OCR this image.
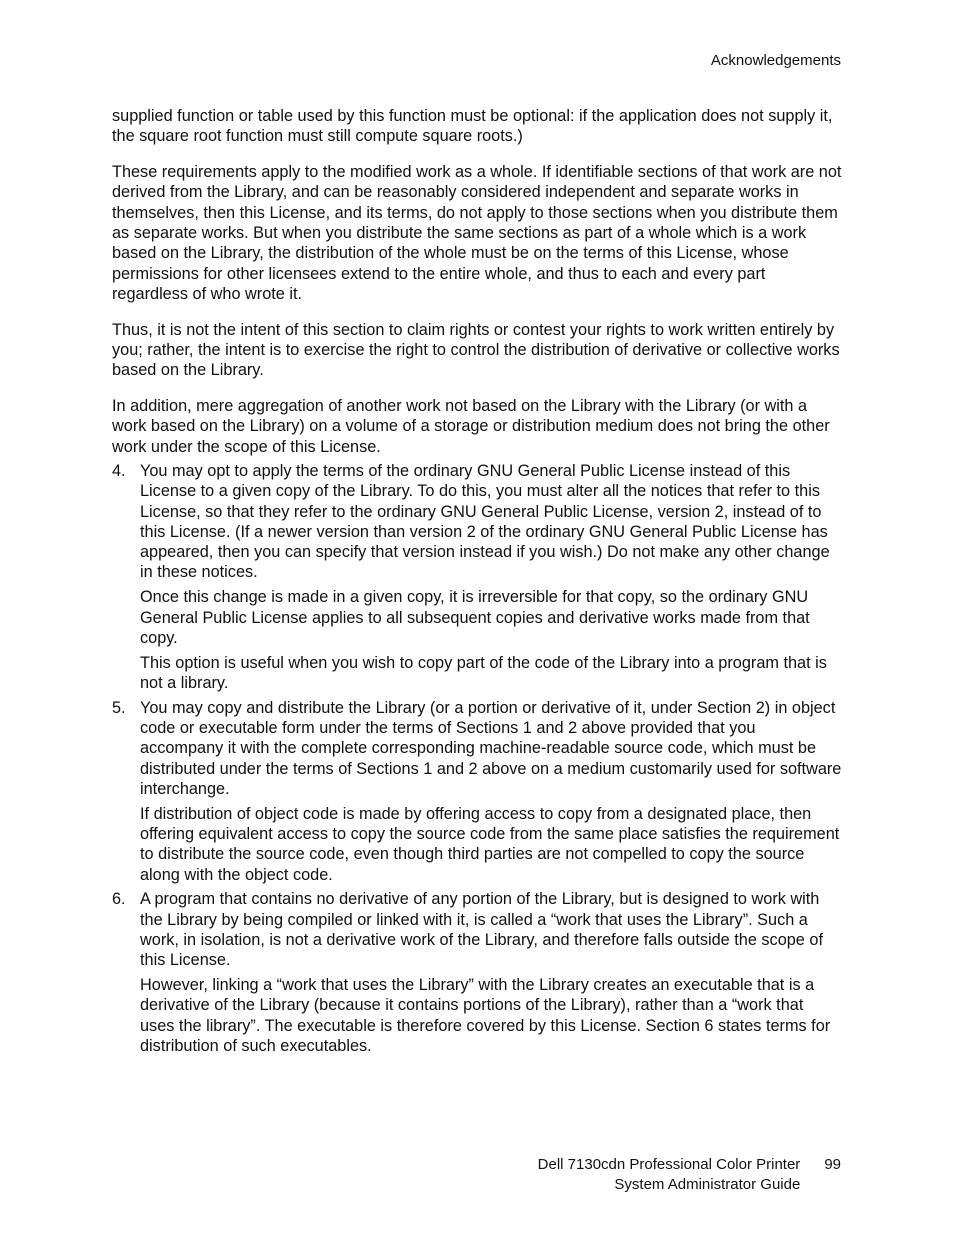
Acknowledgements

supplied function or table used by this function must be optional: if the application does not supply it, the square root function must still compute square roots.)

These requirements apply to the modified work as a whole. If identifiable sections of that work are not derived from the Library, and can be reasonably considered independent and separate works in themselves, then this License, and its terms, do not apply to those sections when you distribute them as separate works. But when you distribute the same sections as part of a whole which is a work based on the Library, the distribution of the whole must be on the terms of this License, whose permissions for other licensees extend to the entire whole, and thus to each and every part regardless of who wrote it.

Thus, it is not the intent of this section to claim rights or contest your rights to work written entirely by you; rather, the intent is to exercise the right to control the distribution of derivative or collective works based on the Library.

In addition, mere aggregation of another work not based on the Library with the Library (or with a work based on the Library) on a volume of a storage or distribution medium does not bring the other work under the scope of this License.

4. You may opt to apply the terms of the ordinary GNU General Public License instead of this License to a given copy of the Library. To do this, you must alter all the notices that refer to this License, so that they refer to the ordinary GNU General Public License, version 2, instead of to this License. (If a newer version than version 2 of the ordinary GNU General Public License has appeared, then you can specify that version instead if you wish.) Do not make any other change in these notices.

Once this change is made in a given copy, it is irreversible for that copy, so the ordinary GNU General Public License applies to all subsequent copies and derivative works made from that copy.

This option is useful when you wish to copy part of the code of the Library into a program that is not a library.

5. You may copy and distribute the Library (or a portion or derivative of it, under Section 2) in object code or executable form under the terms of Sections 1 and 2 above provided that you accompany it with the complete corresponding machine-readable source code, which must be distributed under the terms of Sections 1 and 2 above on a medium customarily used for software interchange.

If distribution of object code is made by offering access to copy from a designated place, then offering equivalent access to copy the source code from the same place satisfies the requirement to distribute the source code, even though third parties are not compelled to copy the source along with the object code.

6. A program that contains no derivative of any portion of the Library, but is designed to work with the Library by being compiled or linked with it, is called a “work that uses the Library”. Such a work, in isolation, is not a derivative work of the Library, and therefore falls outside the scope of this License.

However, linking a “work that uses the Library” with the Library creates an executable that is a derivative of the Library (because it contains portions of the Library), rather than a “work that uses the library”. The executable is therefore covered by this License. Section 6 states terms for distribution of such executables.

Dell 7130cdn Professional Color Printer
System Administrator Guide
99
